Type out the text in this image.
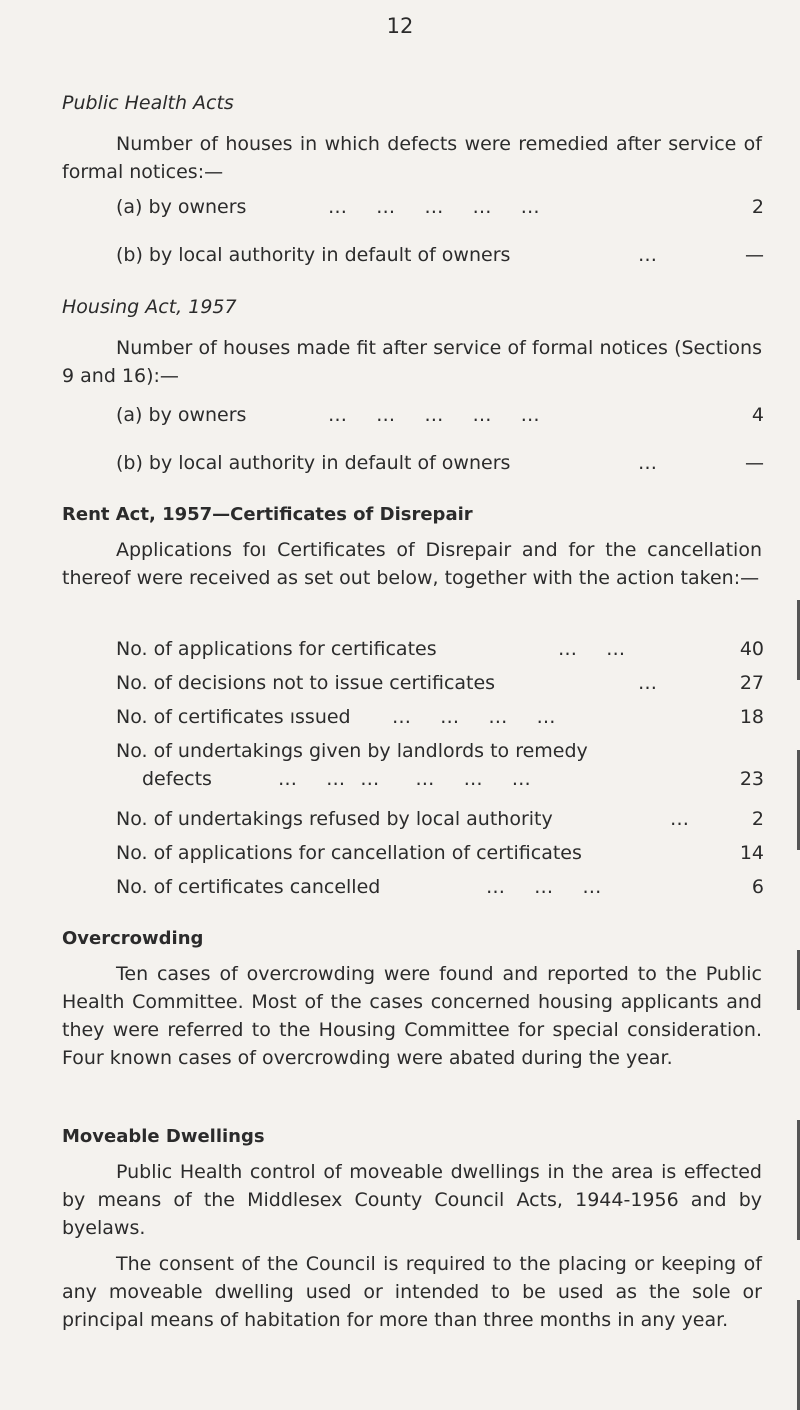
12
Public Health Acts

Number of houses in which defects were remedied after service of formal notices:—

(a) by owners	…    …    …    …    …	2
(b) by local authority in default of owners	…	—
Housing Act, 1957

Number of houses made fit after service of formal notices (Sections 9 and 16):—

(a) by owners	…    …    …    …    …	4
(b) by local authority in default of owners	…	—
Rent Act, 1957—Certificates of Disrepair

Applications foı Certificates of Disrepair and for the cancellation thereof were received as set out below, together with the action taken:—

No. of applications for certificates	…    …	40
No. of decisions not to issue certificates	…	27
No. of certificates ıssued …    …    …    …	18
No. of undertakings given by landlords to remedy
defects	…    …  …     …    …    …	23
No. of undertakings refused by local authority	…	2
No. of applications for cancellation of certificates	14
No. of certificates cancelled	…    …    …	6
Overcrowding

Ten cases of overcrowding were found and reported to the Public Health Committee. Most of the cases concerned housing applicants and they were referred to the Housing Committee for special consideration. Four known cases of overcrowding were abated during the year.

Moveable Dwellings

Public Health control of moveable dwellings in the area is effected by means of the Middlesex County Council Acts, 1944-1956 and by byelaws.

The consent of the Council is required to the placing or keeping of any moveable dwelling used or intended to be used as the sole or principal means of habitation for more than three months in any year.
